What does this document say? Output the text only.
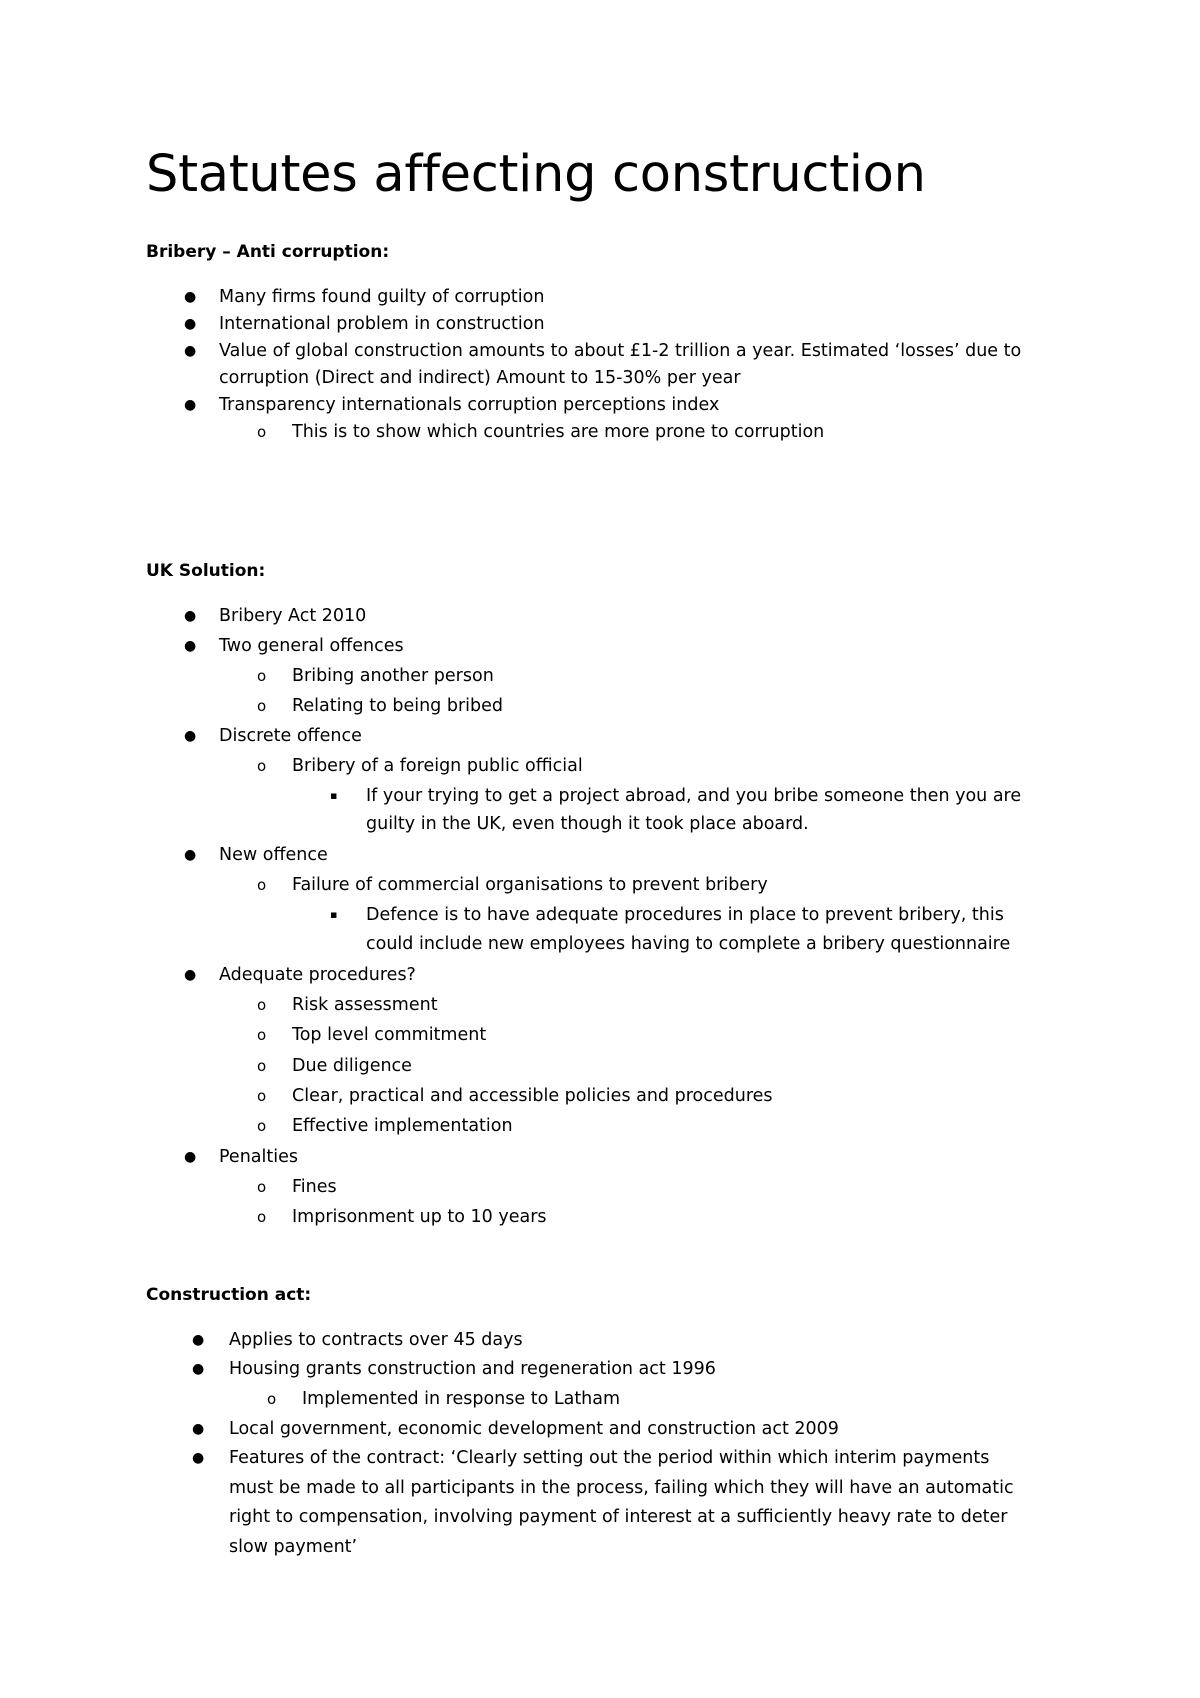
Statutes affecting construction
Bribery – Anti corruption:
● Many firms found guilty of corruption
● International problem in construction
● Value of global construction amounts to about £1-2 trillion a year. Estimated ‘losses’ due to
corruption (Direct and indirect) Amount to 15-30% per year
● Transparency internationals corruption perceptions index
o This is to show which countries are more prone to corruption
UK Solution:
● Bribery Act 2010
● Two general offences
o Bribing another person
o Relating to being bribed
● Discrete offence
o Bribery of a foreign public official
▪ If your trying to get a project abroad, and you bribe someone then you are
guilty in the UK, even though it took place aboard.
● New offence
o Failure of commercial organisations to prevent bribery
▪ Defence is to have adequate procedures in place to prevent bribery, this
could include new employees having to complete a bribery questionnaire
● Adequate procedures?
o Risk assessment
o Top level commitment
o Due diligence
o Clear, practical and accessible policies and procedures
o Effective implementation
● Penalties
o Fines
o Imprisonment up to 10 years
Construction act:
● Applies to contracts over 45 days
● Housing grants construction and regeneration act 1996
o Implemented in response to Latham
● Local government, economic development and construction act 2009
● Features of the contract: ‘Clearly setting out the period within which interim payments
must be made to all participants in the process, failing which they will have an automatic
right to compensation, involving payment of interest at a sufficiently heavy rate to deter
slow payment’
